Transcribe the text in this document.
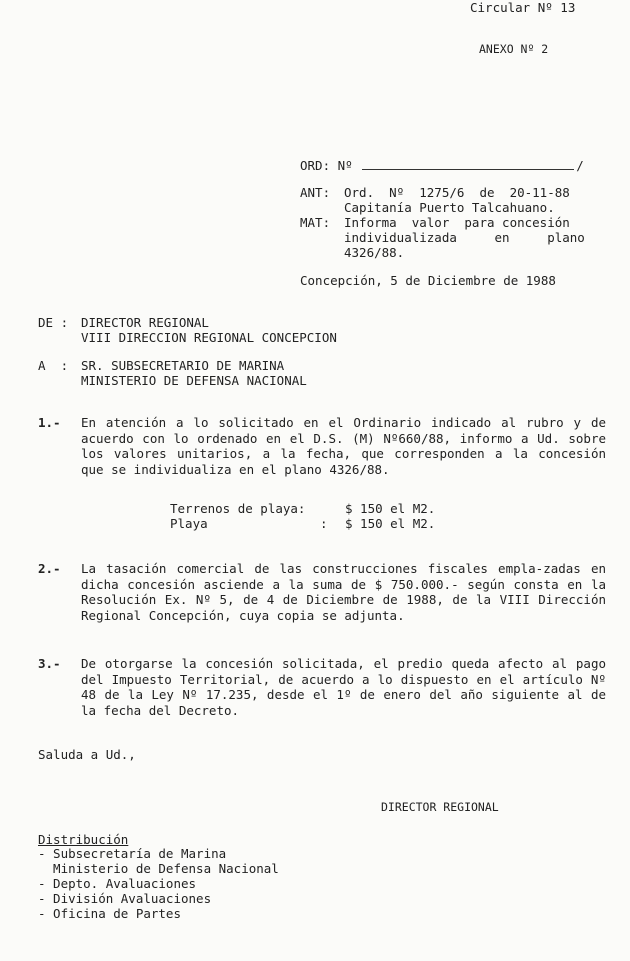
Circular Nº 13
ANEXO Nº 2
ORD: Nº	/
ANT: Ord.  Nº  1275/6  de  20-11-88
Capitanía Puerto Talcahuano.
MAT: Informa  valor  para concesión
individualizada     en     plano
4326/88.
Concepción, 5 de Diciembre de 1988
DE : DIRECTOR REGIONAL
VIII DIRECCION REGIONAL CONCEPCION
A  : SR. SUBSECRETARIO DE MARINA
MINISTERIO DE DEFENSA NACIONAL
1.- En atención a lo solicitado en el Ordinario indicado al rubro y de acuerdo con lo ordenado en el D.S. (M) Nº660/88, informo a Ud. sobre los valores unitarios, a la fecha, que corresponden a la concesión que se individualiza en el plano 4326/88.
Terrenos de playa:	$ 150 el M2.
Playa	: $ 150 el M2.
2.- La tasación comercial de las construcciones fiscales empla-zadas en dicha concesión asciende a la suma de $ 750.000.- según consta en la Resolución Ex. Nº 5, de 4 de Diciembre de 1988, de la VIII Dirección Regional Concepción, cuya copia se adjunta.
3.- De otorgarse la concesión solicitada, el predio queda afecto al pago del Impuesto Territorial, de acuerdo a lo dispuesto en el artículo Nº 48 de la Ley Nº 17.235, desde el 1º de enero del año siguiente al de la fecha del Decreto.
Saluda a Ud.,
DIRECTOR REGIONAL
Distribución
- Subsecretaría de Marina
Ministerio de Defensa Nacional
- Depto. Avaluaciones
- División Avaluaciones
- Oficina de Partes
